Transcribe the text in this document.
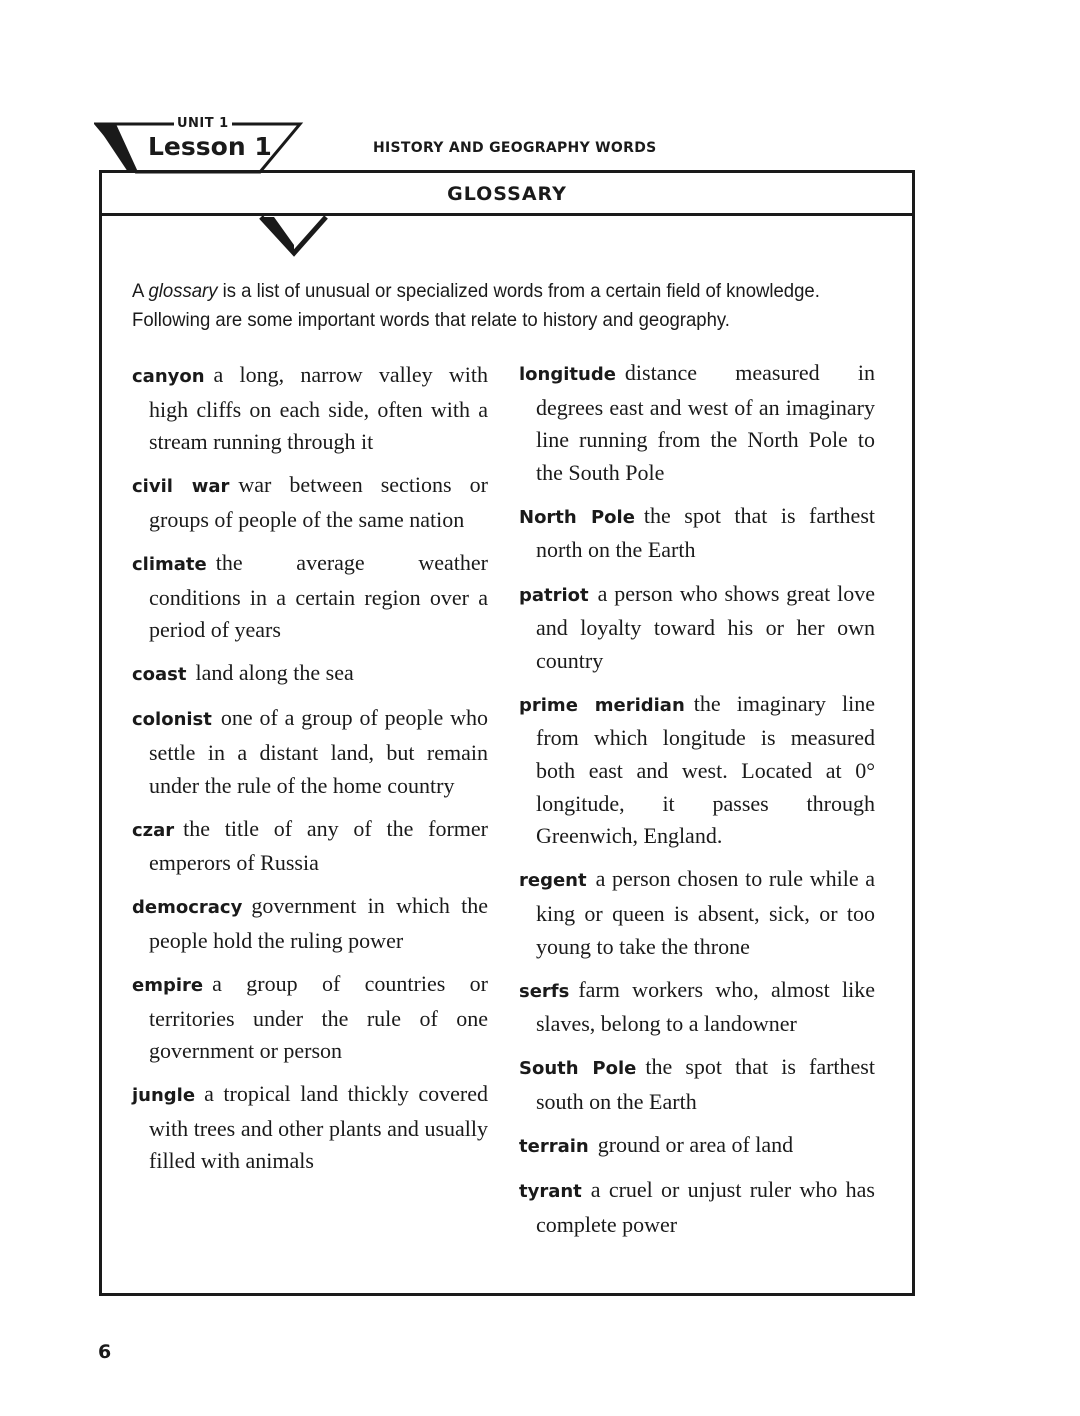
UNIT 1
Lesson 1	HISTORY AND GEOGRAPHY WORDS
GLOSSARY
A glossary is a list of unusual or specialized words from a certain field of knowledge. Following are some important words that relate to history and geography.
canyon a long, narrow valley with high cliffs on each side, often with a stream running through it
civil war war between sections or groups of people of the same nation
climate the average weather conditions in a certain region over a period of years
coast land along the sea
colonist one of a group of people who settle in a distant land, but remain under the rule of the home country
czar the title of any of the former emperors of Russia
democracy government in which the people hold the ruling power
empire a group of countries or territories under the rule of one government or person
jungle a tropical land thickly covered with trees and other plants and usually filled with animals
longitude distance measured in degrees east and west of an imaginary line running from the North Pole to the South Pole
North Pole the spot that is farthest north on the Earth
patriot a person who shows great love and loyalty toward his or her own country
prime meridian the imaginary line from which longitude is measured both east and west. Located at 0° longitude, it passes through Greenwich, England.
regent a person chosen to rule while a king or queen is absent, sick, or too young to take the throne
serfs farm workers who, almost like slaves, belong to a landowner
South Pole the spot that is farthest south on the Earth
terrain ground or area of land
tyrant a cruel or unjust ruler who has complete power
6
